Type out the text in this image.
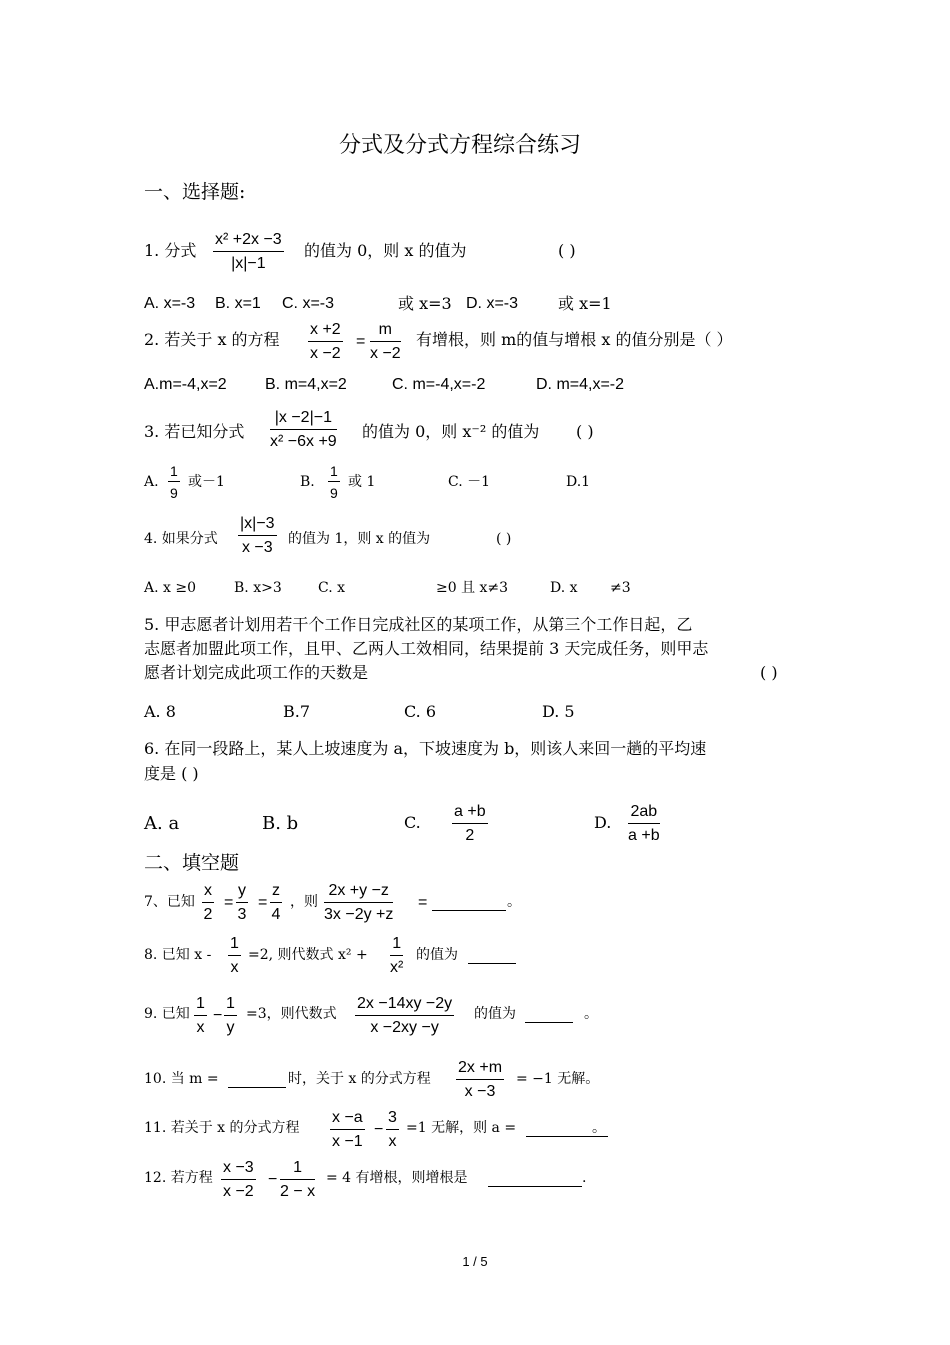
分式及分式方程综合练习
一、选择题:
1. 分式 $\frac{\text{x² +2x −3}}{|x|-1}$ 的值为 0，则 x 的值为	( )
A. x=-3 B. x=1 C. x=-3	或 x=3 D. x=-3 或 x=1
2. 若关于 x 的方程 $\frac{x +2}{x -2} = \frac{m}{x -2}$ 有增根，则 m的值与增根 x 的值分别是（ ）
A.m=-4,x=2 B. m=4,x=2	C. m=-4,x=-2	D. m=4,x=-2
3. 若已知分式 $\frac{|x -2|-1}{\text{x² −6x +9}}$ 的值为 0，则 x⁻² 的值为 ( )
A. $\frac{1}{9}$ 或－1	B. $\frac{1}{9}$ 或 1	C. －1	D.1
4. 如果分式 $\frac{|x|-3}{x -3}$ 的值为 1，则 x 的值为	( )
A. x ≥0	B. x>3	C. x	≥0 且 x≠3	D. x ≠3
5. 甲志愿者计划用若干个工作日完成社区的某项工作，从第三个工作日起，乙
志愿者加盟此项工作，且甲、乙两人工效相同，结果提前 3 天完成任务，则甲志
愿者计划完成此项工作的天数是	( )
A. 8	B.7	C. 6	D. 5
6. 在同一段路上，某人上坡速度为 a，下坡速度为 b，则该人来回一趟的平均速
度是 ( )
A. a	B. b	C. $\frac{a +b}{2}$	D. $\frac{2ab}{a +b}$
二、填空题
7、已知 $\frac{x}{2} = \frac{y}{3} = \frac{z}{4}$ ，则 $\frac{2x +y -z}{3x -2y +z}$ =	。
8. 已知 $x - \frac{1}{x} =2$, 则代数式 $x^2 + \frac{1}{\text{x²}}$ 的值为
9. 已知 $\frac{1}{x} - \frac{1}{y} =3$，则代数式 $\frac{2x -14xy -2y}{x -2xy -y}$ 的值为	。
10. 当 m =	时，关于 x 的分式方程 $\frac{2x +m}{x -3} = -1$ 无解。
11. 若关于 x 的分式方程 $\frac{x -a}{x -1} - \frac{3}{x} =1$ 无解，则 a =	。
12. 若方程 $\frac{x -3}{x -2} - \frac{1}{2 - x} = 4$ 有增根，则增根是	.
1 / 5
